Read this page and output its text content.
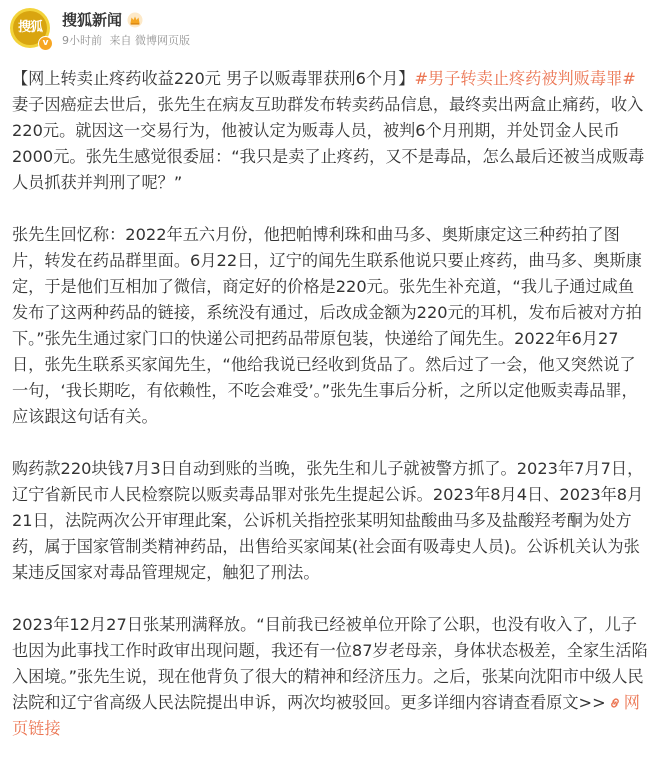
搜狐
v
搜狐新闻
9小时前 来自 微博网页版

【网上转卖止疼药收益220元 男子以贩毒罪获刑6个月】#男子转卖止疼药被判贩毒罪# 妻子因癌症去世后，张先生在病友互助群发布转卖药品信息，最终卖出两盒止痛药，收入220元。就因这一交易行为，他被认定为贩毒人员，被判6个月刑期，并处罚金人民币2000元。张先生感觉很委屈：“我只是卖了止疼药，又不是毒品，怎么最后还被当成贩毒人员抓获并判刑了呢？”

张先生回忆称：2022年五六月份，他把帕博利珠和曲马多、奥斯康定这三种药拍了图片，转发在药品群里面。6月22日，辽宁的闻先生联系他说只要止疼药，曲马多、奥斯康定，于是他们互相加了微信，商定好的价格是220元。张先生补充道，“我儿子通过咸鱼发布了这两种药品的链接，系统没有通过，后改成金额为220元的耳机，发布后被对方拍下。”张先生通过家门口的快递公司把药品带原包装，快递给了闻先生。2022年6月27日，张先生联系买家闻先生，“他给我说已经收到货品了。然后过了一会，他又突然说了一句，‘我长期吃，有依赖性，不吃会难受’。”张先生事后分析，之所以定他贩卖毒品罪，应该跟这句话有关。

购药款220块钱7月3日自动到账的当晚，张先生和儿子就被警方抓了。2023年7月7日，辽宁省新民市人民检察院以贩卖毒品罪对张先生提起公诉。2023年8月4日、2023年8月21日，法院两次公开审理此案，公诉机关指控张某明知盐酸曲马多及盐酸羟考酮为处方药，属于国家管制类精神药品，出售给买家闻某(社会面有吸毒史人员)。公诉机关认为张某违反国家对毒品管理规定，触犯了刑法。

2023年12月27日张某刑满释放。“目前我已经被单位开除了公职，也没有收入了，儿子也因为此事找工作时政审出现问题，我还有一位87岁老母亲，身体状态极差，全家生活陷入困境。”张先生说，现在他背负了很大的精神和经济压力。之后，张某向沈阳市中级人民法院和辽宁省高级人民法院提出申诉，两次均被驳回。更多详细内容请查看原文>> 网页链接
